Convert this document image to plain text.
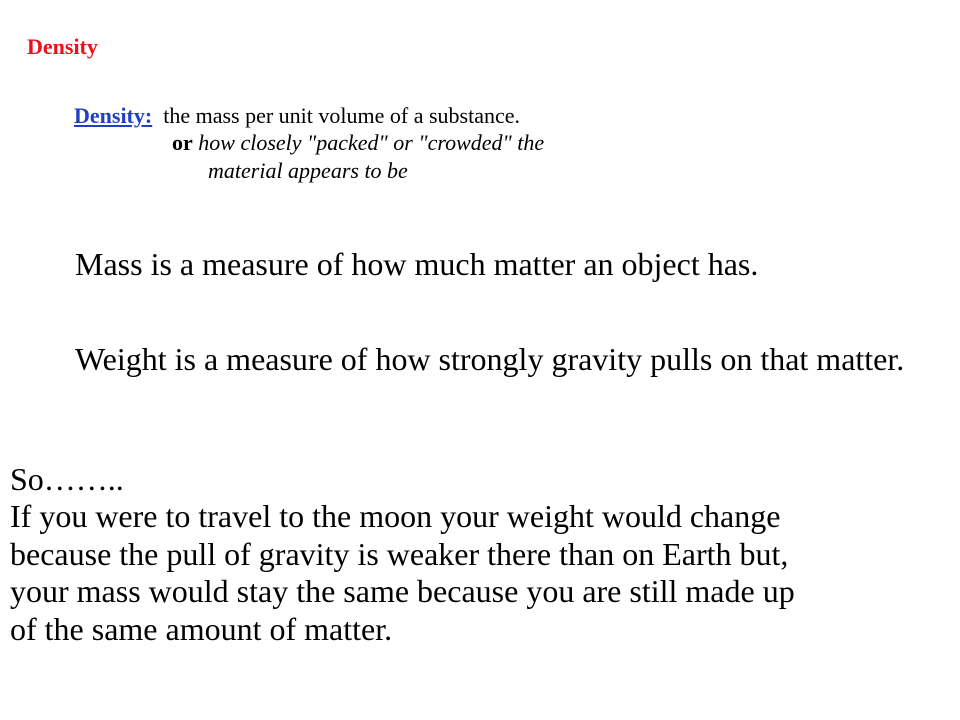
Density
Density: the mass per unit volume of a substance.
or how closely "packed" or "crowded" the
material appears to be
Mass is a measure of how much matter an object has.
Weight is a measure of how strongly gravity pulls on that matter.
So……..
If you were to travel to the moon your weight would change
because the pull of gravity is weaker there than on Earth but,
your mass would stay the same because you are still made up
of the same amount of matter.
